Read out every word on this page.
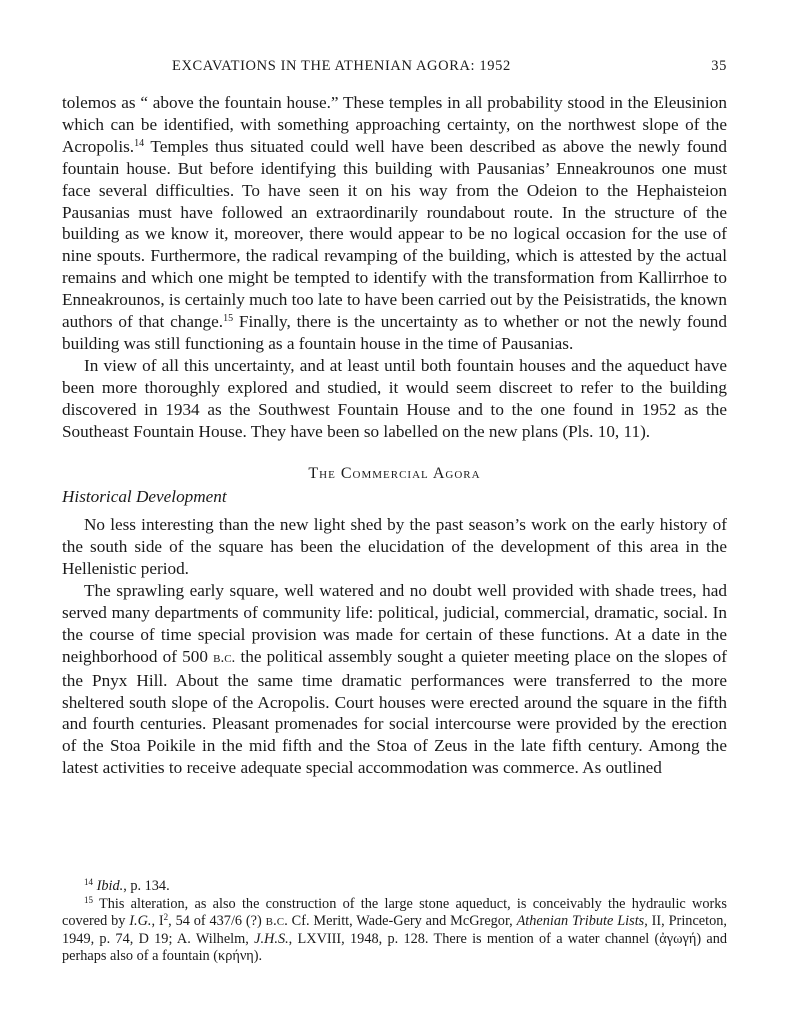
EXCAVATIONS IN THE ATHENIAN AGORA: 1952	35

tolemos as “ above the fountain house.” These temples in all probability stood in the Eleusinion which can be identified, with something approaching certainty, on the northwest slope of the Acropolis.$^{14}$ Temples thus situated could well have been described as above the newly found fountain house. But before identifying this building with Pausanias’ Enneakrounos one must face several difficulties. To have seen it on his way from the Odeion to the Hephaisteion Pausanias must have followed an extraordinarily roundabout route. In the structure of the building as we know it, moreover, there would appear to be no logical occasion for the use of nine spouts. Furthermore, the radical revamping of the building, which is attested by the actual remains and which one might be tempted to identify with the transformation from Kallirrhoe to Enneakrounos, is certainly much too late to have been carried out by the Peisistratids, the known authors of that change.$^{15}$ Finally, there is the uncertainty as to whether or not the newly found building was still functioning as a fountain house in the time of Pausanias.

In view of all this uncertainty, and at least until both fountain houses and the aqueduct have been more thoroughly explored and studied, it would seem discreet to refer to the building discovered in 1934 as the Southwest Fountain House and to the one found in 1952 as the Southeast Fountain House. They have been so labelled on the new plans (Pls. 10, 11).

The Commercial Agora
Historical Development

No less interesting than the new light shed by the past season’s work on the early history of the south side of the square has been the elucidation of the development of this area in the Hellenistic period.

The sprawling early square, well watered and no doubt well provided with shade trees, had served many departments of community life: political, judicial, commercial, dramatic, social. In the course of time special provision was made for certain of these functions. At a date in the neighborhood of 500 b.c. the political assembly sought a quieter meeting place on the slopes of the Pnyx Hill. About the same time dramatic performances were transferred to the more sheltered south slope of the Acropolis. Court houses were erected around the square in the fifth and fourth centuries. Pleasant promenades for social intercourse were provided by the erection of the Stoa Poikile in the mid fifth and the Stoa of Zeus in the late fifth century. Among the latest activities to receive adequate special accommodation was commerce. As outlined

$^{14}$ Ibid., p. 134.

$^{15}$ This alteration, as also the construction of the large stone aqueduct, is conceivably the hydraulic works covered by I.G., $I^2$, 54 of 437/6 (?) b.c. Cf. Meritt, Wade-Gery and McGregor, Athenian Tribute Lists, II, Princeton, 1949, p. 74, D 19; A. Wilhelm, J.H.S., LXVIII, 1948, p. 128. There is mention of a water channel (ἀγωγή) and perhaps also of a fountain (κρήνη).
